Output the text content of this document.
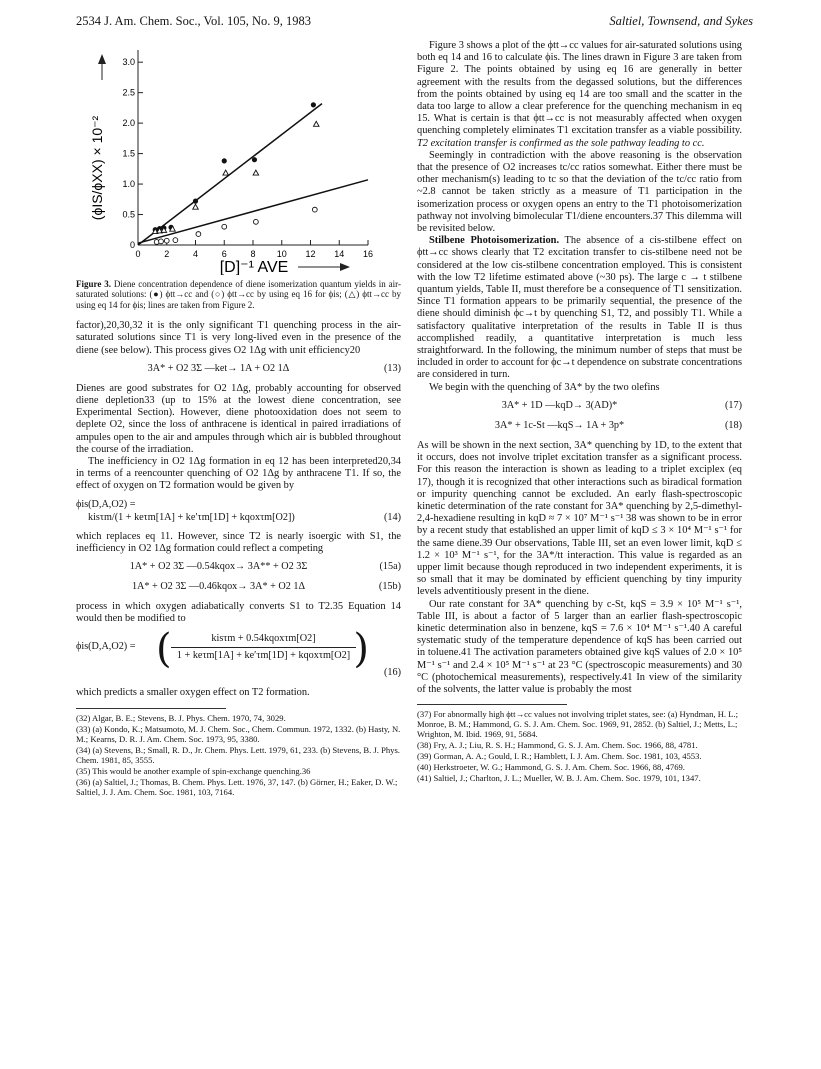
2534 J. Am. Chem. Soc., Vol. 105, No. 9, 1983	Saltiel, Townsend, and Sykes
0	2	4	6	8 10 12 14 16
0
0.5
1.0
1.5
2.0
2.5
3.0
(ϕIS/ϕXX) × 10⁻²
[D]⁻¹ AVE
Figure 3. Diene concentration dependence of diene isomerization quantum yields in air-saturated solutions: (●) ϕtt→cc and (○) ϕtt→cc by using eq 16 for ϕis; (△) ϕtt→cc by using eq 14 for ϕis; lines are taken from Figure 2.

factor),20,30,32 it is the only significant T1 quenching process in the air-saturated solutions since T1 is very long-lived even in the presence of the diene (see below). This process gives O2 1Δg with unit efficiency20

3A* + O2 3Σ —ket→ 1A + O2 1Δ	(13)

Dienes are good substrates for O2 1Δg, probably accounting for observed diene depletion33 (up to 15% at the lowest diene concentration, see Experimental Section). However, diene photooxidation does not seem to deplete O2, since the loss of anthracene is identical in paired irradiations of ampules open to the air and ampules through which air is bubbled throughout the course of the irradiation.

The inefficiency in O2 1Δg formation in eq 12 has been interpreted20,34 in terms of a reencounter quenching of O2 1Δg by anthracene T1. If so, the effect of oxygen on T2 formation would be given by

ϕis(D,A,O2) =
kisτm/(1 + keτm[1A] + ke′τm[1D] + kqoxτm[O2])	(14)

which replaces eq 11. However, since T2 is nearly isoergic with S1, the inefficiency in O2 1Δg formation could reflect a competing

1A* + O2 3Σ —0.54kqox→ 3A** + O2 3Σ	(15a)
1A* + O2 3Σ —0.46kqox→ 3A* + O2 1Δ	(15b)

process in which oxygen adiabatically converts S1 to T2.35 Equation 14 would then be modified to

ϕis(D,A,O2) = (	kisτm + 0.54kqoxτm[O2]
1 + keτm[1A] + ke′τm[1D] + kqoxτm[O2] )
(16)

which predicts a smaller oxygen effect on T2 formation.

(32) Algar, B. E.; Stevens, B. J. Phys. Chem. 1970, 74, 3029.
(33) (a) Kondo, K.; Matsumoto, M. J. Chem. Soc., Chem. Commun. 1972, 1332. (b) Hasty, N. M.; Kearns, D. R. J. Am. Chem. Soc. 1973, 95, 3380.
(34) (a) Stevens, B.; Small, R. D., Jr. Chem. Phys. Lett. 1979, 61, 233. (b) Stevens, B. J. Phys. Chem. 1981, 85, 3555.
(35) This would be another example of spin-exchange quenching.36
(36) (a) Saltiel, J.; Thomas, B. Chem. Phys. Lett. 1976, 37, 147. (b) Görner, H.; Eaker, D. W.; Saltiel, J. J. Am. Chem. Soc. 1981, 103, 7164.

Figure 3 shows a plot of the ϕtt→cc values for air-saturated solutions using both eq 14 and 16 to calculate ϕis. The lines drawn in Figure 3 are taken from Figure 2. The points obtained by using eq 16 are generally in better agreement with the results from the degassed solutions, but the differences from the points obtained by using eq 14 are too small and the scatter in the data too large to allow a clear preference for the quenching mechanism in eq 15. What is certain is that ϕtt→cc is not measurably affected when oxygen quenching completely eliminates T1 excitation transfer as a viable possibility. T2 excitation transfer is confirmed as the sole pathway leading to cc.

Seemingly in contradiction with the above reasoning is the observation that the presence of O2 increases tc/cc ratios somewhat. Either there must be other mechanism(s) leading to tc so that the deviation of the tc/cc ratio from ~2.8 cannot be taken strictly as a measure of T1 participation in the isomerization process or oxygen opens an entry to the T1 photoisomerization pathway not involving bimolecular T1/diene encounters.37 This dilemma will be revisited below.

Stilbene Photoisomerization. The absence of a cis-stilbene effect on ϕtt→cc shows clearly that T2 excitation transfer to cis-stilbene need not be considered at the low cis-stilbene concentration employed. This is consistent with the low T2 lifetime estimated above (~30 ps). The large c → t stilbene quantum yields, Table II, must therefore be a consequence of T1 sensitization. Since T1 formation appears to be primarily sequential, the presence of the diene should diminish ϕc→t by quenching S1, T2, and possibly T1. While a satisfactory qualitative interpretation of the results in Table II is thus accomplished readily, a quantitative interpretation is much less straightforward. In the following, the minimum number of steps that must be included in order to account for ϕc→t dependence on substrate concentrations are considered in turn.

We begin with the quenching of 3A* by the two olefins

3A* + 1D —kqD→ 3(AD)*	(17)
3A* + 1c-St —kqS→ 1A + 3p*	(18)

As will be shown in the next section, 3A* quenching by 1D, to the extent that it occurs, does not involve triplet excitation transfer as a significant process. For this reason the interaction is shown as leading to a triplet exciplex (eq 17), though it is recognized that other interactions such as biradical formation or impurity quenching cannot be excluded. An early flash-spectroscopic kinetic determination of the rate constant for 3A* quenching by 2,5-dimethyl-2,4-hexadiene resulting in kqD ≈ 7 × 10⁷ M⁻¹ s⁻¹ 38 was shown to be in error by a recent study that established an upper limit of kqD ≤ 3 × 10⁴ M⁻¹ s⁻¹ for the same diene.39 Our observations, Table III, set an even lower limit, kqD ≤ 1.2 × 10³ M⁻¹ s⁻¹, for the 3A*/tt interaction. This value is regarded as an upper limit because though reproduced in two independent experiments, it is so small that it may be dominated by efficient quenching by tiny impurity levels adventitiously present in the diene.

Our rate constant for 3A* quenching by c-St, kqS = 3.9 × 10⁵ M⁻¹ s⁻¹, Table III, is about a factor of 5 larger than an earlier flash-spectroscopic kinetic determination also in benzene, kqS = 7.6 × 10⁴ M⁻¹ s⁻¹.40 A careful systematic study of the temperature dependence of kqS has been carried out in toluene.41 The activation parameters obtained give kqS values of 2.0 × 10⁵ M⁻¹ s⁻¹ and 2.4 × 10⁵ M⁻¹ s⁻¹ at 23 °C (spectroscopic measurements) and 30 °C (photochemical measurements), respectively.41 In view of the similarity of the solvents, the latter value is probably the most

(37) For abnormally high ϕtt→cc values not involving triplet states, see: (a) Hyndman, H. L.; Monroe, B. M.; Hammond, G. S. J. Am. Chem. Soc. 1969, 91, 2852. (b) Saltiel, J.; Metts, L.; Wrighton, M. Ibid. 1969, 91, 5684.
(38) Fry, A. J.; Liu, R. S. H.; Hammond, G. S. J. Am. Chem. Soc. 1966, 88, 4781.
(39) Gorman, A. A.; Gould, I. R.; Hamblett, I. J. Am. Chem. Soc. 1981, 103, 4553.
(40) Herkstroeter, W. G.; Hammond, G. S. J. Am. Chem. Soc. 1966, 88, 4769.
(41) Saltiel, J.; Charlton, J. L.; Mueller, W. B. J. Am. Chem. Soc. 1979, 101, 1347.
